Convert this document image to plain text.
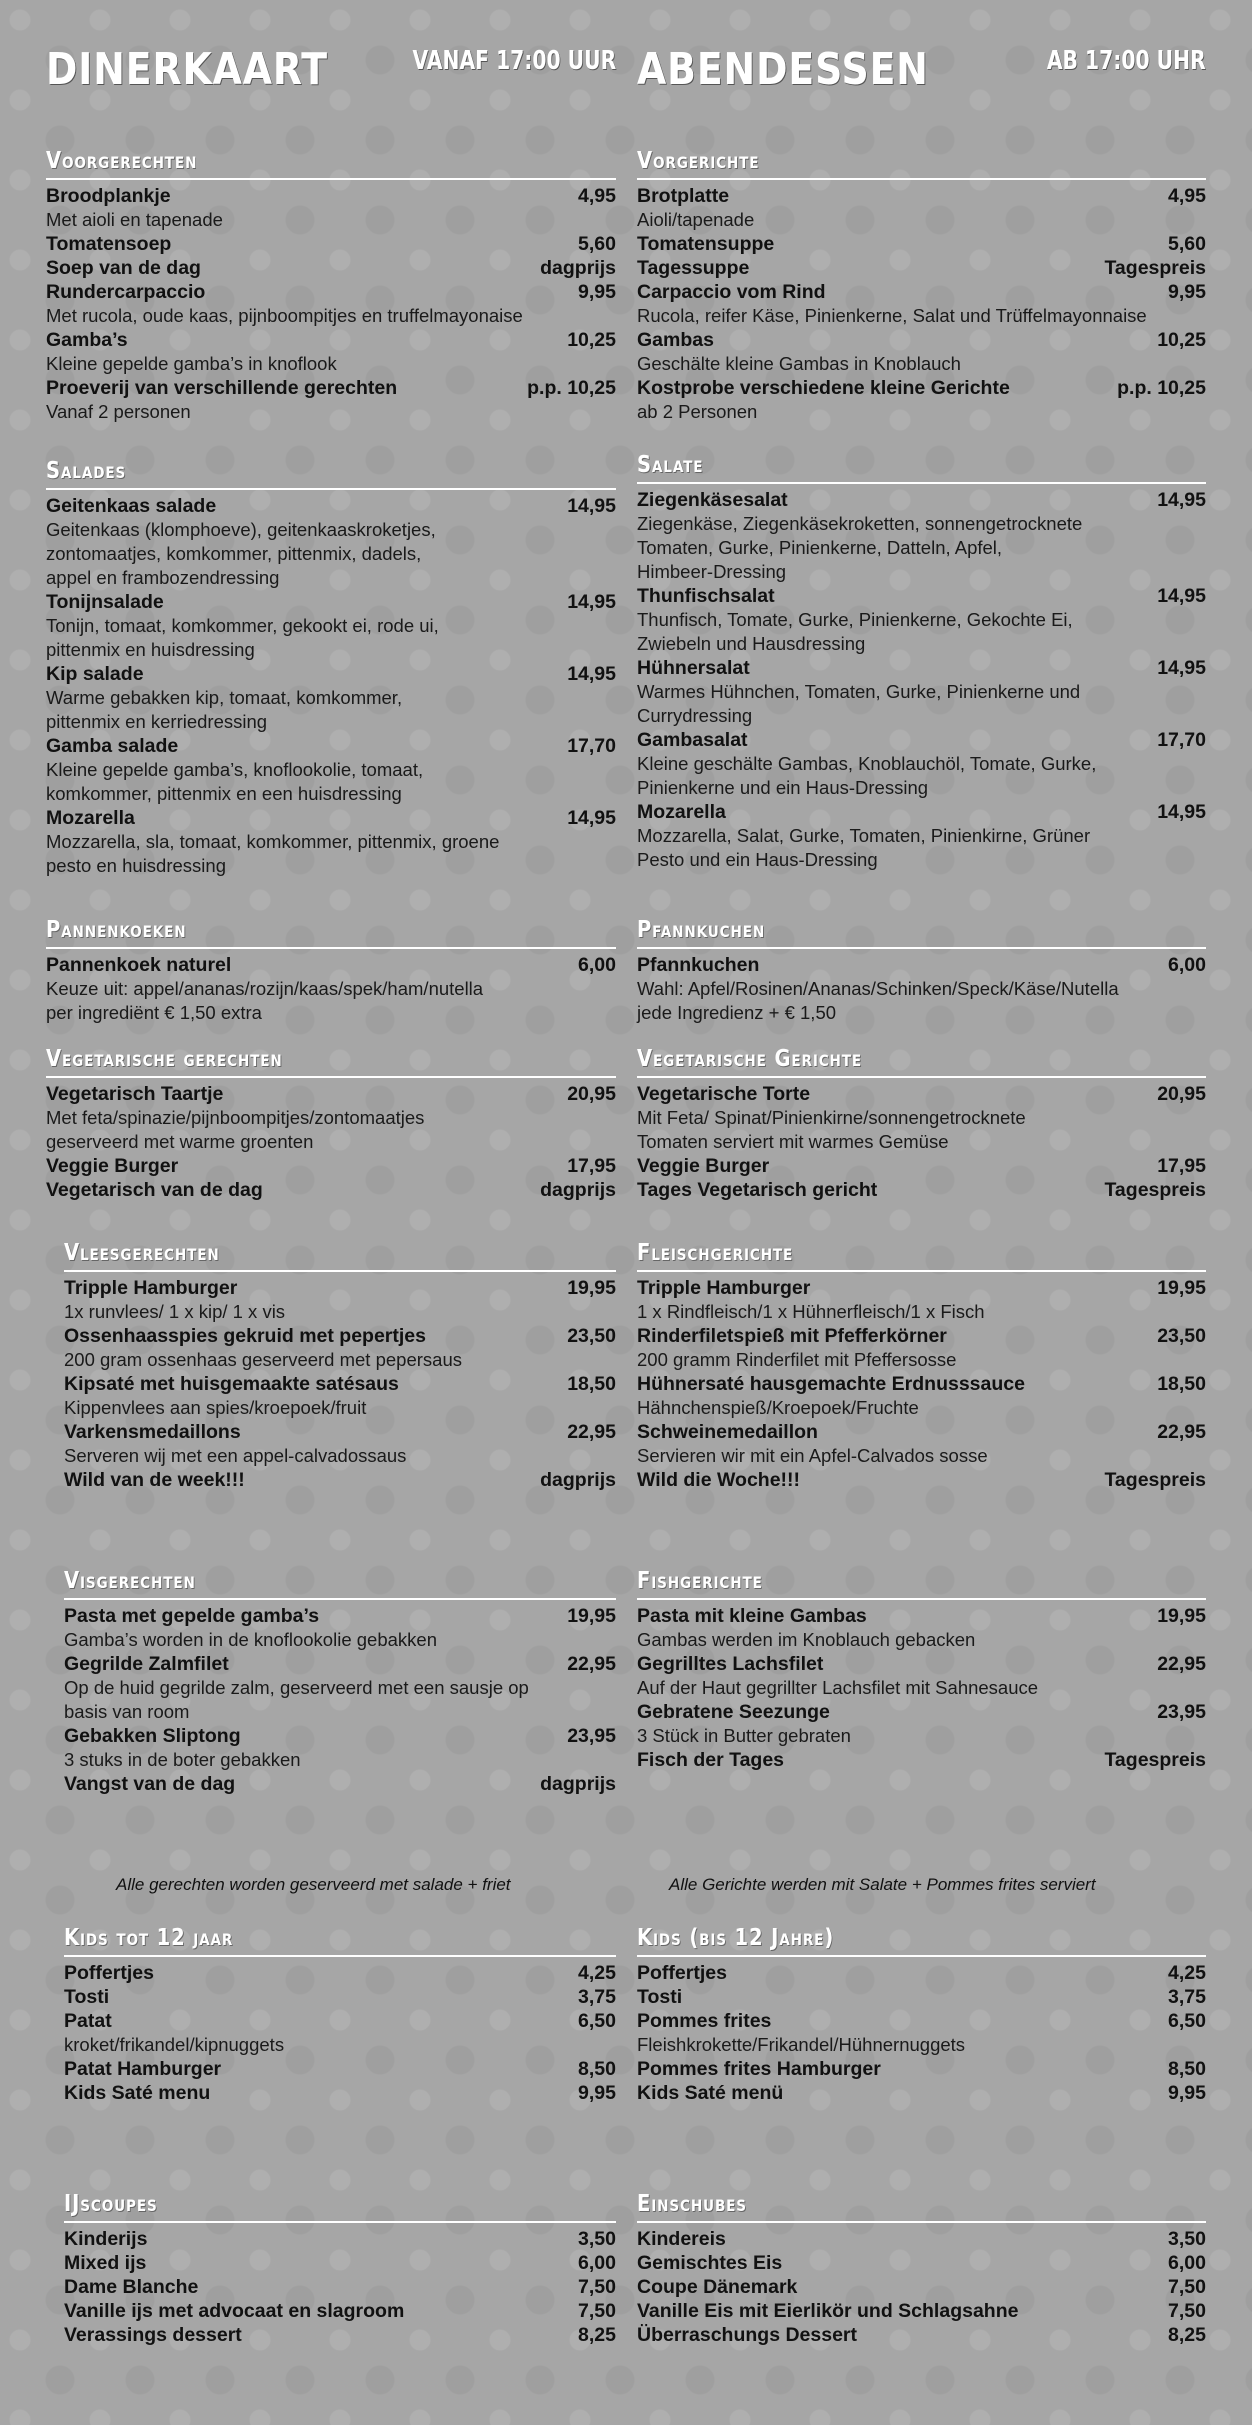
DINERKAART	VANAF 17:00 UUR
Voorgerechten
Broodplankje	4,95
Met aioli en tapenade
Tomatensoep	5,60
Soep van de dag	dagprijs
Rundercarpaccio	9,95
Met rucola, oude kaas, pijnboompitjes en truffelmayonaise
Gamba’s	10,25
Kleine gepelde gamba’s in knoflook
Proeverij van verschillende gerechten	p.p. 10,25
Vanaf 2 personen
Salades
Geitenkaas salade	14,95
Geitenkaas (klomphoeve), geitenkaaskroketjes,
zontomaatjes, komkommer, pittenmix, dadels,
appel en frambozendressing
Tonijnsalade	14,95
Tonijn, tomaat, komkommer, gekookt ei, rode ui,
pittenmix en huisdressing
Kip salade	14,95
Warme gebakken kip, tomaat, komkommer,
pittenmix en kerriedressing
Gamba salade	17,70
Kleine gepelde gamba’s, knoflookolie, tomaat,
komkommer, pittenmix en een huisdressing
Mozarella	14,95
Mozzarella, sla, tomaat, komkommer, pittenmix, groene
pesto en huisdressing
Pannenkoeken
Pannenkoek naturel	6,00
Keuze uit: appel/ananas/rozijn/kaas/spek/ham/nutella
per ingrediënt € 1,50 extra
Vegetarische gerechten
Vegetarisch Taartje	20,95
Met feta/spinazie/pijnboompitjes/zontomaatjes
geserveerd met warme groenten
Veggie Burger	17,95
Vegetarisch van de dag	dagprijs
Vleesgerechten
Tripple Hamburger	19,95
1x runvlees/ 1 x kip/ 1 x vis
Ossenhaasspies gekruid met pepertjes	23,50
200 gram ossenhaas geserveerd met pepersaus
Kipsaté met huisgemaakte satésaus	18,50
Kippenvlees aan spies/kroepoek/fruit
Varkensmedaillons	22,95
Serveren wij met een appel-calvadossaus
Wild van de week!!!	dagprijs
Visgerechten
Pasta met gepelde gamba’s	19,95
Gamba’s worden in de knoflookolie gebakken
Gegrilde Zalmfilet	22,95
Op de huid gegrilde zalm, geserveerd met een sausje op
basis van room
Gebakken Sliptong	23,95
3 stuks in de boter gebakken
Vangst van de dag	dagprijs
Alle gerechten worden geserveerd met salade + friet
Kids tot 12 jaar
Poffertjes	4,25
Tosti	3,75
Patat	6,50
kroket/frikandel/kipnuggets
Patat Hamburger	8,50
Kids Saté menu	9,95
IJscoupes
Kinderijs	3,50
Mixed ijs	6,00
Dame Blanche	7,50
Vanille ijs met advocaat en slagroom	7,50
Verassings dessert	8,25
ABENDESSEN	AB 17:00 UHR
Vorgerichte
Brotplatte	4,95
Aioli/tapenade
Tomatensuppe	5,60
Tagessuppe	Tagespreis
Carpaccio vom Rind	9,95
Rucola, reifer Käse, Pinienkerne, Salat und Trüffelmayonnaise
Gambas	10,25
Geschälte kleine Gambas in Knoblauch
Kostprobe verschiedene kleine Gerichte	p.p. 10,25
ab 2 Personen
Salate
Ziegenkäsesalat	14,95
Ziegenkäse, Ziegenkäsekroketten, sonnengetrocknete
Tomaten, Gurke, Pinienkerne, Datteln, Apfel,
Himbeer-Dressing
Thunfischsalat	14,95
Thunfisch, Tomate, Gurke, Pinienkerne, Gekochte Ei,
Zwiebeln und Hausdressing
Hühnersalat	14,95
Warmes Hühnchen, Tomaten, Gurke, Pinienkerne und
Currydressing
Gambasalat	17,70
Kleine geschälte Gambas, Knoblauchöl, Tomate, Gurke,
Pinienkerne und ein Haus-Dressing
Mozarella	14,95
Mozzarella, Salat, Gurke, Tomaten, Pinienkirne, Grüner
Pesto und ein Haus-Dressing
Pfannkuchen
Pfannkuchen	6,00
Wahl: Apfel/Rosinen/Ananas/Schinken/Speck/Käse/Nutella
jede Ingredienz + € 1,50
Vegetarische Gerichte
Vegetarische Torte	20,95
Mit Feta/ Spinat/Pinienkirne/sonnengetrocknete
Tomaten serviert mit warmes Gemüse
Veggie Burger	17,95
Tages Vegetarisch gericht	Tagespreis
Fleischgerichte
Tripple Hamburger	19,95
1 x Rindfleisch/1 x Hühnerfleisch/1 x Fisch
Rinderfiletspieß mit Pfefferkörner	23,50
200 gramm Rinderfilet mit Pfeffersosse
Hühnersaté hausgemachte Erdnusssauce	18,50
Hähnchenspieß/Kroepoek/Fruchte
Schweinemedaillon	22,95
Servieren wir mit ein Apfel-Calvados sosse
Wild die Woche!!!	Tagespreis
Fishgerichte
Pasta mit kleine Gambas	19,95
Gambas werden im Knoblauch gebacken
Gegrilltes Lachsfilet	22,95
Auf der Haut gegrillter Lachsfilet mit Sahnesauce
Gebratene Seezunge	23,95
3 Stück in Butter gebraten
Fisch der Tages	Tagespreis
Alle Gerichte werden mit Salate + Pommes frites serviert
Kids (bis 12 Jahre)
Poffertjes	4,25
Tosti	3,75
Pommes frites	6,50
Fleishkrokette/Frikandel/Hühnernuggets
Pommes frites Hamburger	8,50
Kids Saté menü	9,95
Einschubes
Kindereis	3,50
Gemischtes Eis	6,00
Coupe Dänemark	7,50
Vanille Eis mit Eierlikör und Schlagsahne	7,50
Überraschungs Dessert	8,25
